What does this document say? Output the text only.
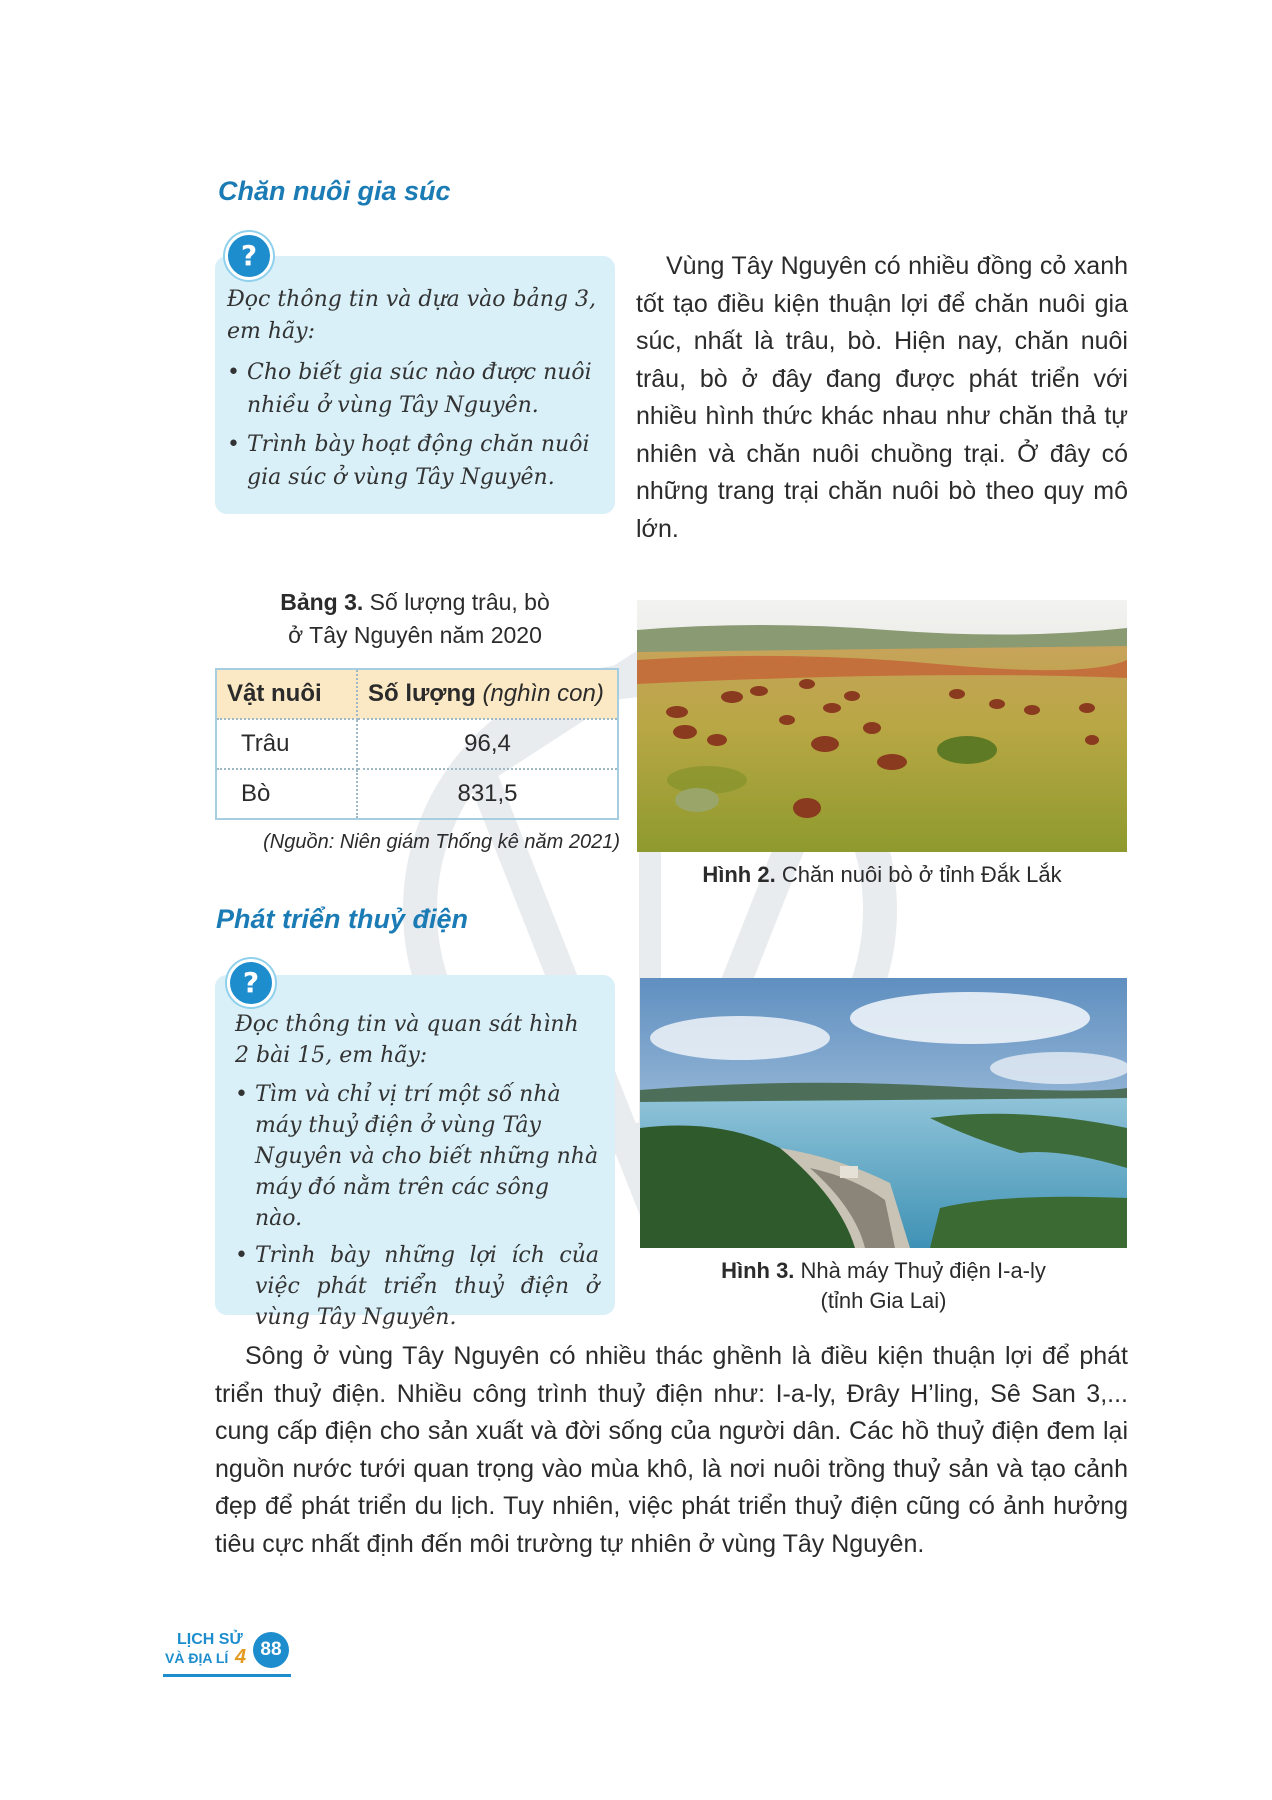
Chăn nuôi gia súc
?

Đọc thông tin và dựa vào bảng 3, em hãy:

• Cho biết gia súc nào được nuôi nhiều ở vùng Tây Nguyên.
• Trình bày hoạt động chăn nuôi gia súc ở vùng Tây Nguyên.

Vùng Tây Nguyên có nhiều đồng cỏ xanh tốt tạo điều kiện thuận lợi để chăn nuôi gia súc, nhất là trâu, bò. Hiện nay, chăn nuôi trâu, bò ở đây đang được phát triển với nhiều hình thức khác nhau như chăn thả tự nhiên và chăn nuôi chuồng trại. Ở đây có những trang trại chăn nuôi bò theo quy mô lớn.

Bảng 3. Số lượng trâu, bò
ở Tây Nguyên năm 2020
Vật nuôi	Số lượng (nghìn con)
Trâu	96,4
Bò	831,5
(Nguồn: Niên giám Thống kê năm 2021)
Hình 2. Chăn nuôi bò ở tỉnh Đắk Lắk
Phát triển thuỷ điện
?

Đọc thông tin và quan sát hình 2 bài 15, em hãy:

• Tìm và chỉ vị trí một số nhà máy thuỷ điện ở vùng Tây Nguyên và cho biết những nhà máy đó nằm trên các sông nào.
• Trình bày những lợi ích của việc phát triển thuỷ điện ở vùng Tây Nguyên.
Hình 3. Nhà máy Thuỷ điện I-a-ly
(tỉnh Gia Lai)

Sông ở vùng Tây Nguyên có nhiều thác ghềnh là điều kiện thuận lợi để phát triển thuỷ điện. Nhiều công trình thuỷ điện như: I-a-ly, Đrây H’ling, Sê San 3,... cung cấp điện cho sản xuất và đời sống của người dân. Các hồ thuỷ điện đem lại nguồn nước tưới quan trọng vào mùa khô, là nơi nuôi trồng thuỷ sản và tạo cảnh đẹp để phát triển du lịch. Tuy nhiên, việc phát triển thuỷ điện cũng có ảnh hưởng tiêu cực nhất định đến môi trường tự nhiên ở vùng Tây Nguyên.

LỊCH SỬ
VÀ ĐỊA LÍ 4 88
